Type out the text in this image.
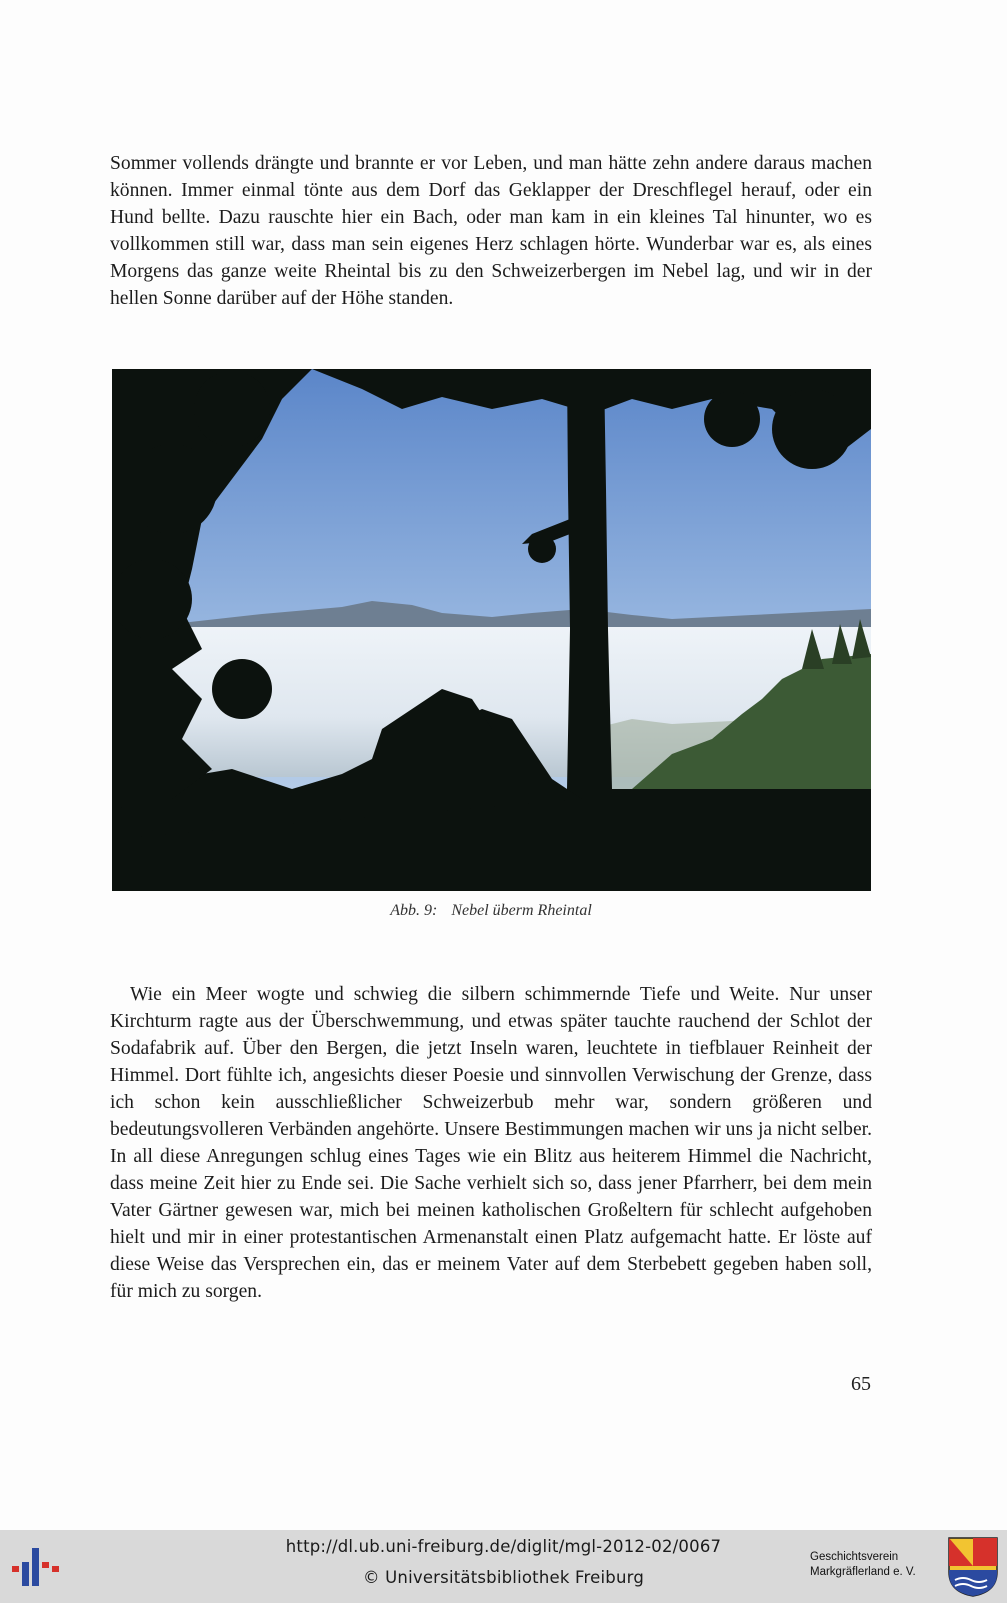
Sommer vollends drängte und brannte er vor Leben, und man hätte zehn andere daraus machen können. Immer einmal tönte aus dem Dorf das Geklapper der Dreschflegel herauf, oder ein Hund bellte. Dazu rauschte hier ein Bach, oder man kam in ein kleines Tal hinunter, wo es vollkommen still war, dass man sein eigenes Herz schlagen hörte. Wunderbar war es, als eines Morgens das ganze weite Rheintal bis zu den Schweizerbergen im Nebel lag, und wir in der hellen Sonne darüber auf der Höhe standen.

Abb. 9: Nebel überm Rheintal

Wie ein Meer wogte und schwieg die silbern schimmernde Tiefe und Weite. Nur unser Kirchturm ragte aus der Überschwemmung, und etwas später tauchte rauchend der Schlot der Sodafabrik auf. Über den Bergen, die jetzt Inseln waren, leuchtete in tiefblauer Reinheit der Himmel. Dort fühlte ich, angesichts dieser Poesie und sinnvollen Verwischung der Grenze, dass ich schon kein ausschließlicher Schweizerbub mehr war, sondern größeren und bedeutungsvolleren Verbänden angehörte. Unsere Bestimmungen machen wir uns ja nicht selber. In all diese Anregungen schlug eines Tages wie ein Blitz aus heiterem Himmel die Nachricht, dass meine Zeit hier zu Ende sei. Die Sache verhielt sich so, dass jener Pfarrherr, bei dem mein Vater Gärtner gewesen war, mich bei meinen katholischen Großeltern für schlecht aufgehoben hielt und mir in einer protestantischen Armenanstalt einen Platz aufgemacht hatte. Er löste auf diese Weise das Versprechen ein, das er meinem Vater auf dem Sterbebett gegeben haben soll, für mich zu sorgen.

65
http://dl.ub.uni-freiburg.de/diglit/mgl-2012-02/0067
© Universitätsbibliothek Freiburg
Geschichtsverein
Markgräflerland e. V.
